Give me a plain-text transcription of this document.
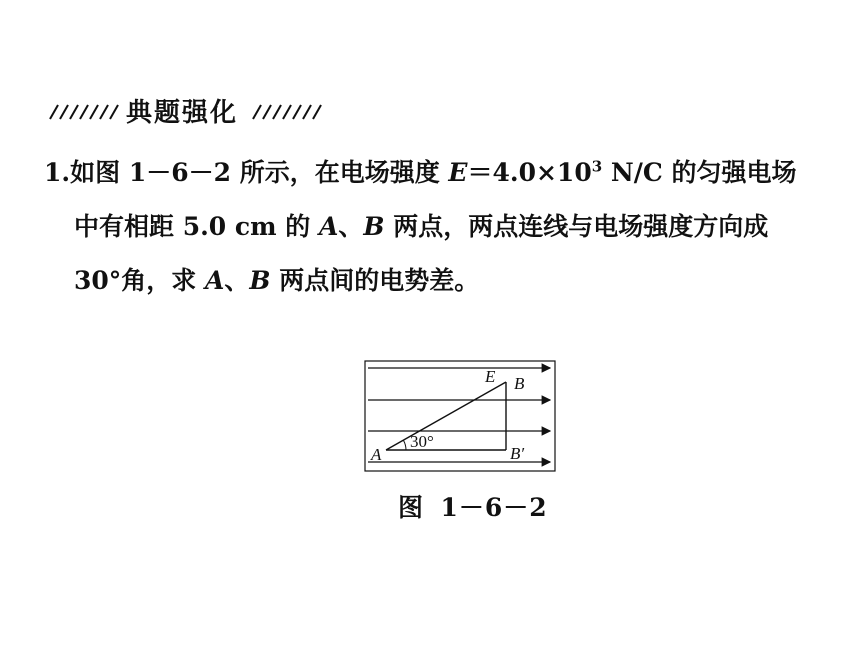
典题强化
1.如图 1－6－2 所示，在电场强度 $E=4.0\times 10^3$ N/C 的匀强电场
中有相距 5.0 cm 的 A、B 两点，两点连线与电场强度方向成
30°角，求 A、B 两点间的电势差。
30°
E B
A	B′
图 1－6－2
